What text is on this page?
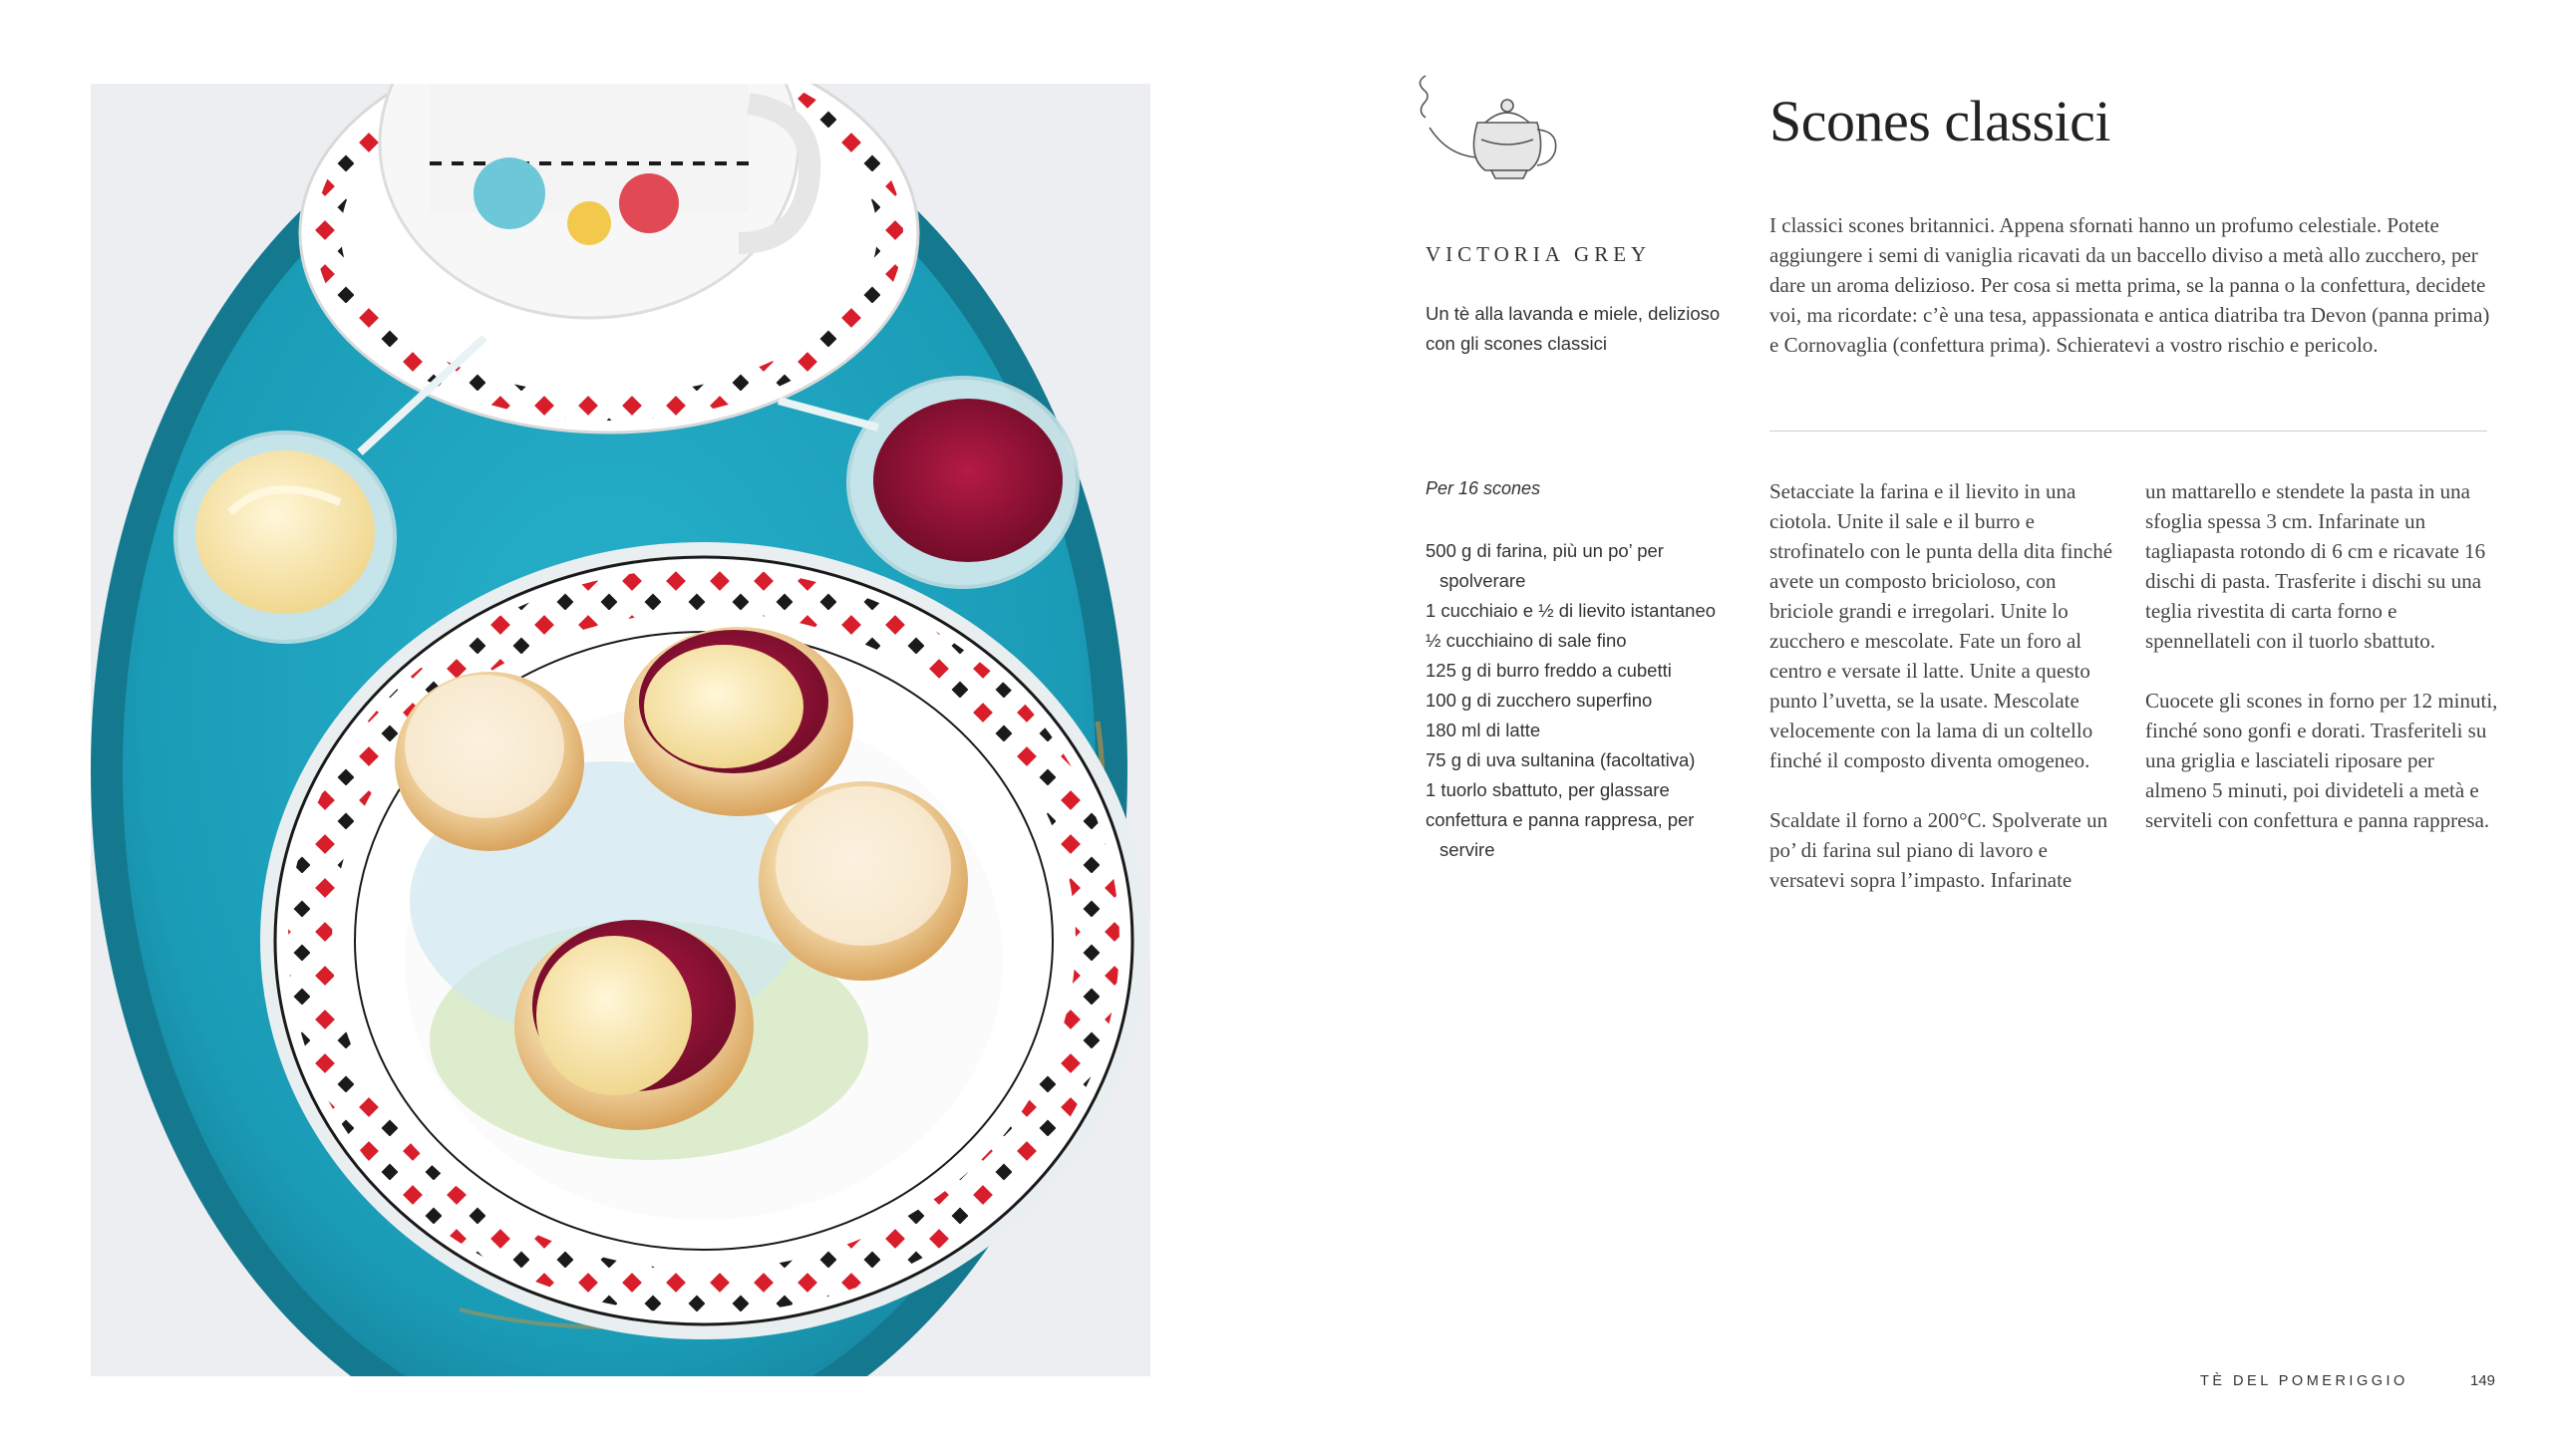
Scones classici
VICTORIA GREY

Un tè alla lavanda e miele, delizioso con gli scones classici

I classici scones britannici. Appena sfornati hanno un profumo celestiale. Potete aggiungere i semi di vaniglia ricavati da un baccello diviso a metà allo zucchero, per dare un aroma delizioso. Per cosa si metta prima, se la panna o la confettura, decidete voi, ma ricordate: c’è una tesa, appassionata e antica diatriba tra Devon (panna prima) e Cornovaglia (confettura prima). Schieratevi a vostro rischio e pericolo.

Per 16 scones
500 g di farina, più un po’ per spolverare
1 cucchiaio e ½ di lievito istantaneo
½ cucchiaino di sale fino
125 g di burro freddo a cubetti
100 g di zucchero superfino
180 ml di latte
75 g di uva sultanina (facoltativa)
1 tuorlo sbattuto, per glassare
confettura e panna rappresa, per servire

Setacciate la farina e il lievito in una ciotola. Unite il sale e il burro e strofinatelo con le punta della dita finché avete un composto bricioloso, con briciole grandi e irregolari. Unite lo zucchero e mescolate. Fate un foro al centro e versate il latte. Unite a questo punto l’uvetta, se la usate. Mescolate velocemente con la lama di un coltello finché il composto diventa omogeneo.

Scaldate il forno a 200°C. Spolverate un po’ di farina sul piano di lavoro e versatevi sopra l’impasto. Infarinate

un mattarello e stendete la pasta in una sfoglia spessa 3 cm. Infarinate un tagliapasta rotondo di 6 cm e ricavate 16 dischi di pasta. Trasferite i dischi su una teglia rivestita di carta forno e spennellateli con il tuorlo sbattuto.

Cuocete gli scones in forno per 12 minuti, finché sono gonfi e dorati. Trasferiteli su una griglia e lasciateli riposare per almeno 5 minuti, poi divideteli a metà e serviteli con confettura e panna rappresa.

TÈ DEL POMERIGGIO	149
